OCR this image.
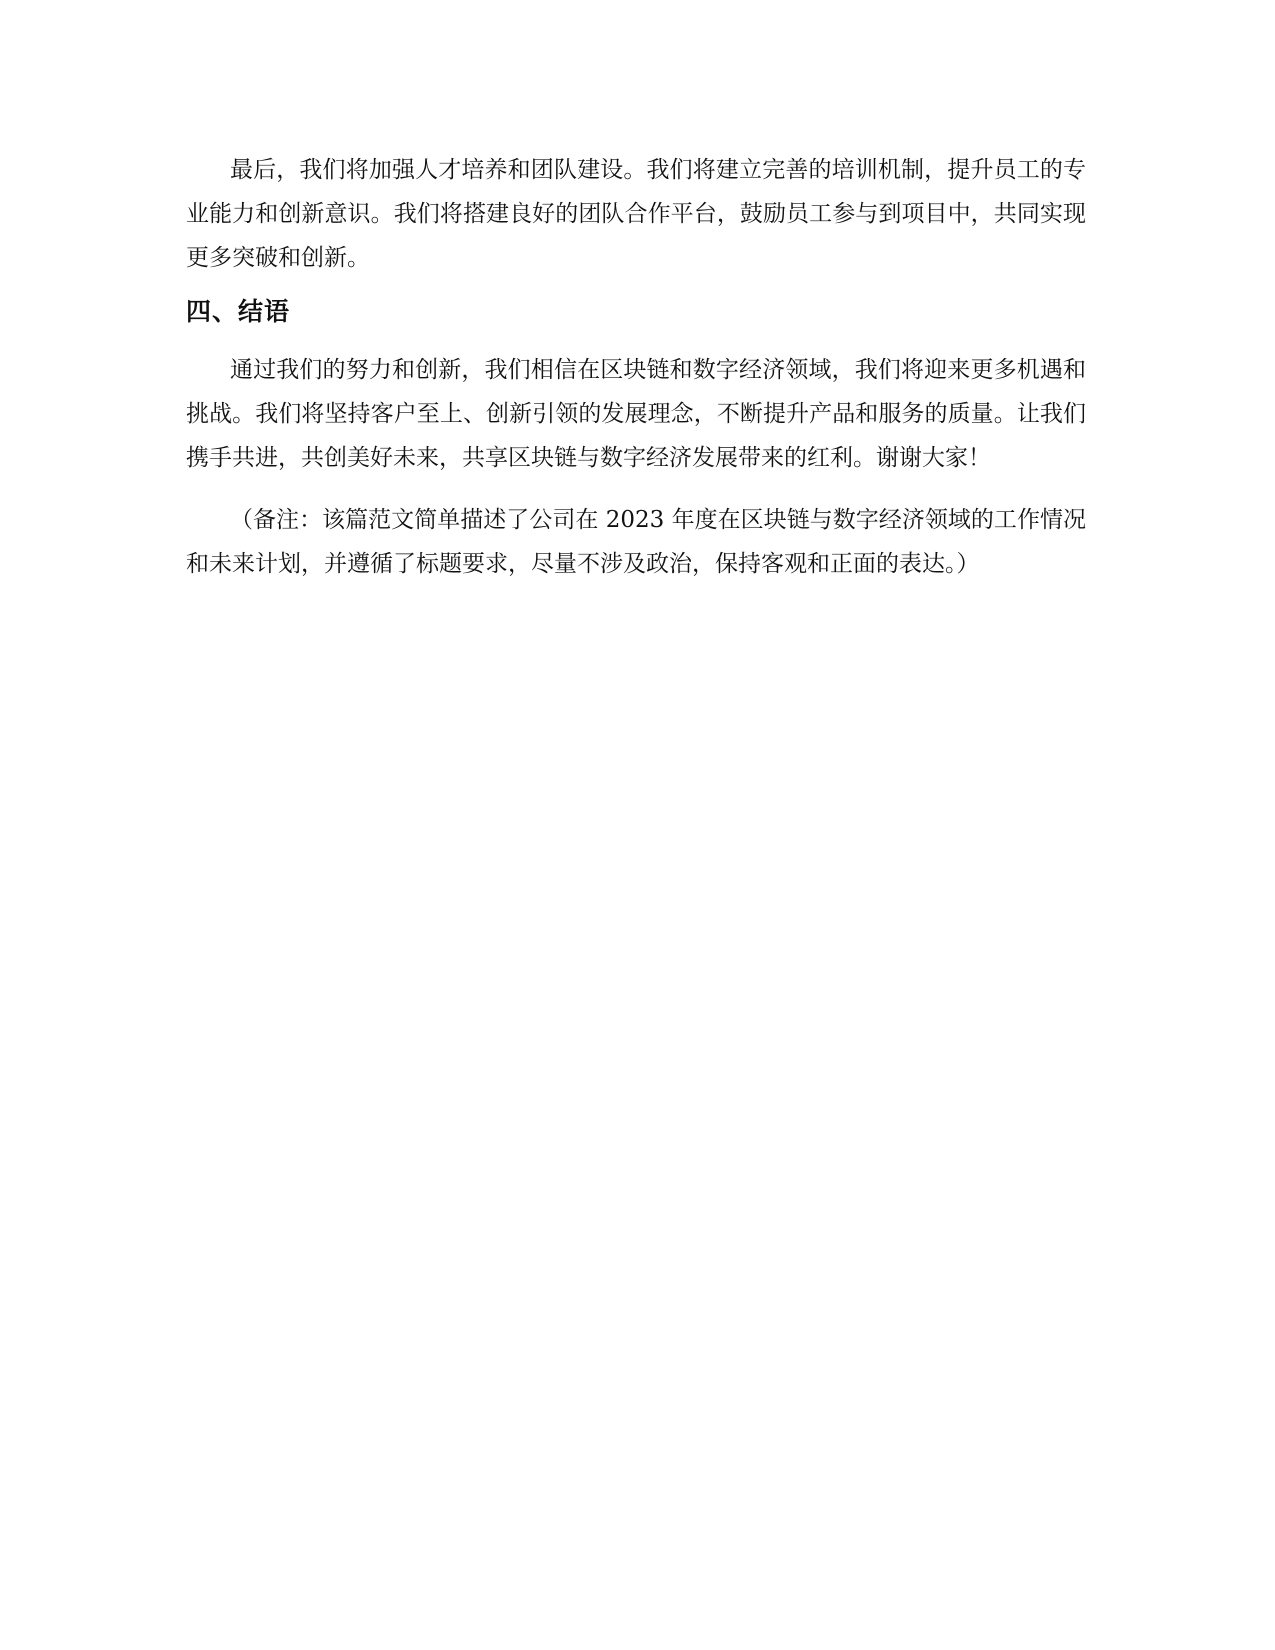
最后，我们将加强人才培养和团队建设。我们将建立完善的培训机制，提升员工的专业能力和创新意识。我们将搭建良好的团队合作平台，鼓励员工参与到项目中，共同实现更多突破和创新。

四、结语

通过我们的努力和创新，我们相信在区块链和数字经济领域，我们将迎来更多机遇和挑战。我们将坚持客户至上、创新引领的发展理念，不断提升产品和服务的质量。让我们携手共进，共创美好未来，共享区块链与数字经济发展带来的红利。谢谢大家！

（备注：该篇范文简单描述了公司在 2023 年度在区块链与数字经济领域的工作情况和未来计划，并遵循了标题要求，尽量不涉及政治，保持客观和正面的表达。）
